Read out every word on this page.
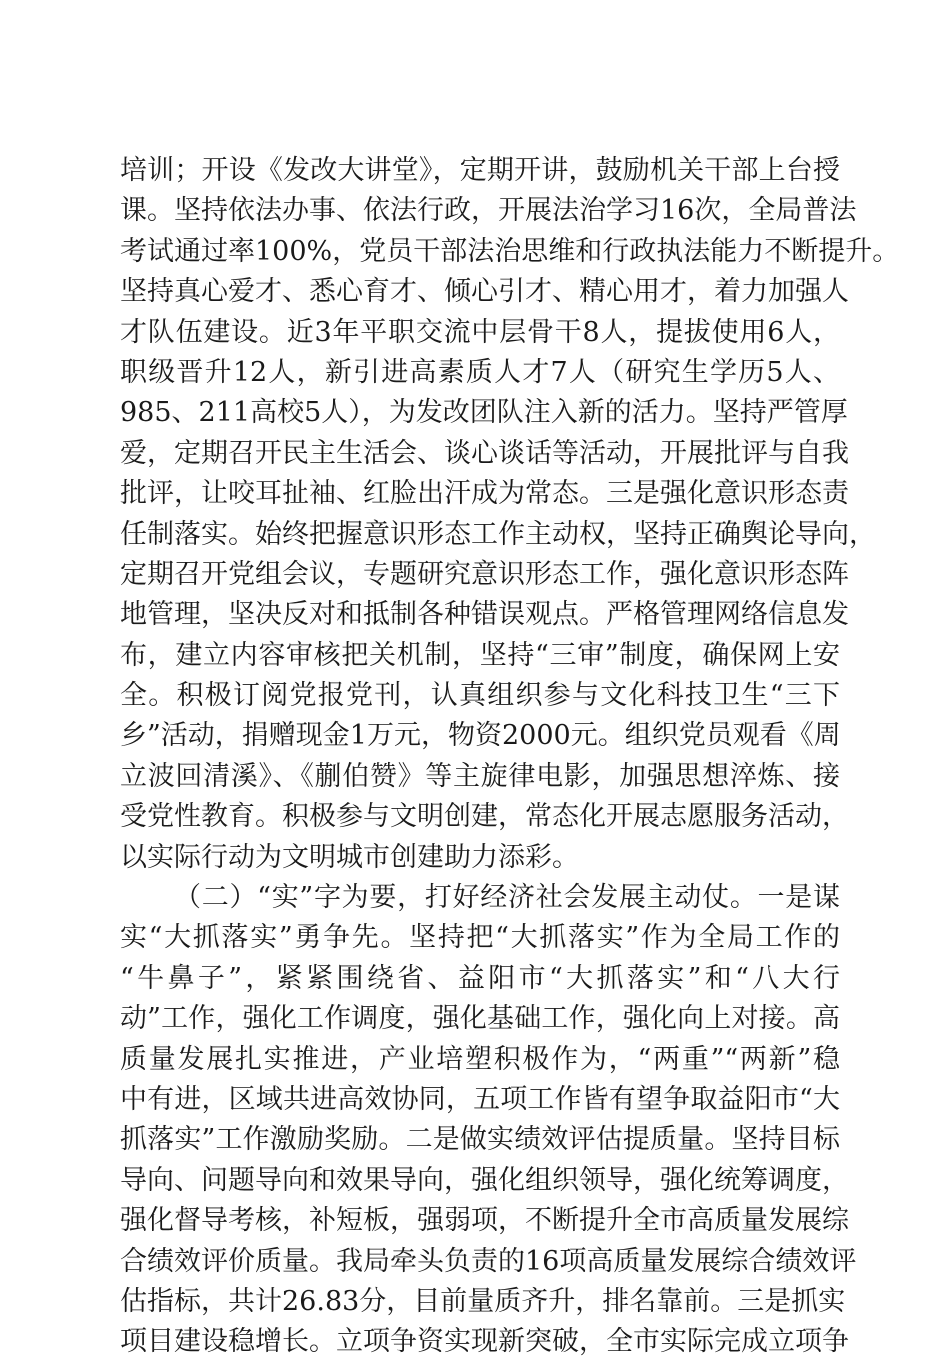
培训；开设《发改大讲堂》，定期开讲，鼓励机关干部上台授
课。坚持依法办事、依法行政，开展法治学习16次，全局普法
考试通过率100%，党员干部法治思维和行政执法能力不断提升。
坚持真心爱才、悉心育才、倾心引才、精心用才，着力加强人
才队伍建设。近3年平职交流中层骨干8人，提拔使用6人，
职级晋升12人，新引进高素质人才7人（研究生学历5人、
985、211高校5人），为发改团队注入新的活力。坚持严管厚
爱，定期召开民主生活会、谈心谈话等活动，开展批评与自我
批评，让咬耳扯袖、红脸出汗成为常态。三是强化意识形态责
任制落实。始终把握意识形态工作主动权，坚持正确舆论导向，
定期召开党组会议，专题研究意识形态工作，强化意识形态阵
地管理，坚决反对和抵制各种错误观点。严格管理网络信息发
布，建立内容审核把关机制，坚持“三审”制度，确保网上安
全。积极订阅党报党刊，认真组织参与文化科技卫生“三下
乡”活动，捐赠现金1万元，物资2000元。组织党员观看《周
立波回清溪》、《蒯伯赞》等主旋律电影，加强思想淬炼、接
受党性教育。积极参与文明创建，常态化开展志愿服务活动，
以实际行动为文明城市创建助力添彩。
（二）“实”字为要，打好经济社会发展主动仗。一是谋
实“大抓落实”勇争先。坚持把“大抓落实”作为全局工作的
“牛鼻子”，紧紧围绕省、益阳市“大抓落实”和“八大行
动”工作，强化工作调度，强化基础工作，强化向上对接。高
质量发展扎实推进，产业培塑积极作为，“两重”“两新”稳
中有进，区域共进高效协同，五项工作皆有望争取益阳市“大
抓落实”工作激励奖励。二是做实绩效评估提质量。坚持目标
导向、问题导向和效果导向，强化组织领导，强化统筹调度，
强化督导考核，补短板，强弱项，不断提升全市高质量发展综
合绩效评价质量。我局牵头负责的16项高质量发展综合绩效评
估指标，共计26.83分，目前量质齐升，排名靠前。三是抓实
项目建设稳增长。立项争资实现新突破，全市实际完成立项争
